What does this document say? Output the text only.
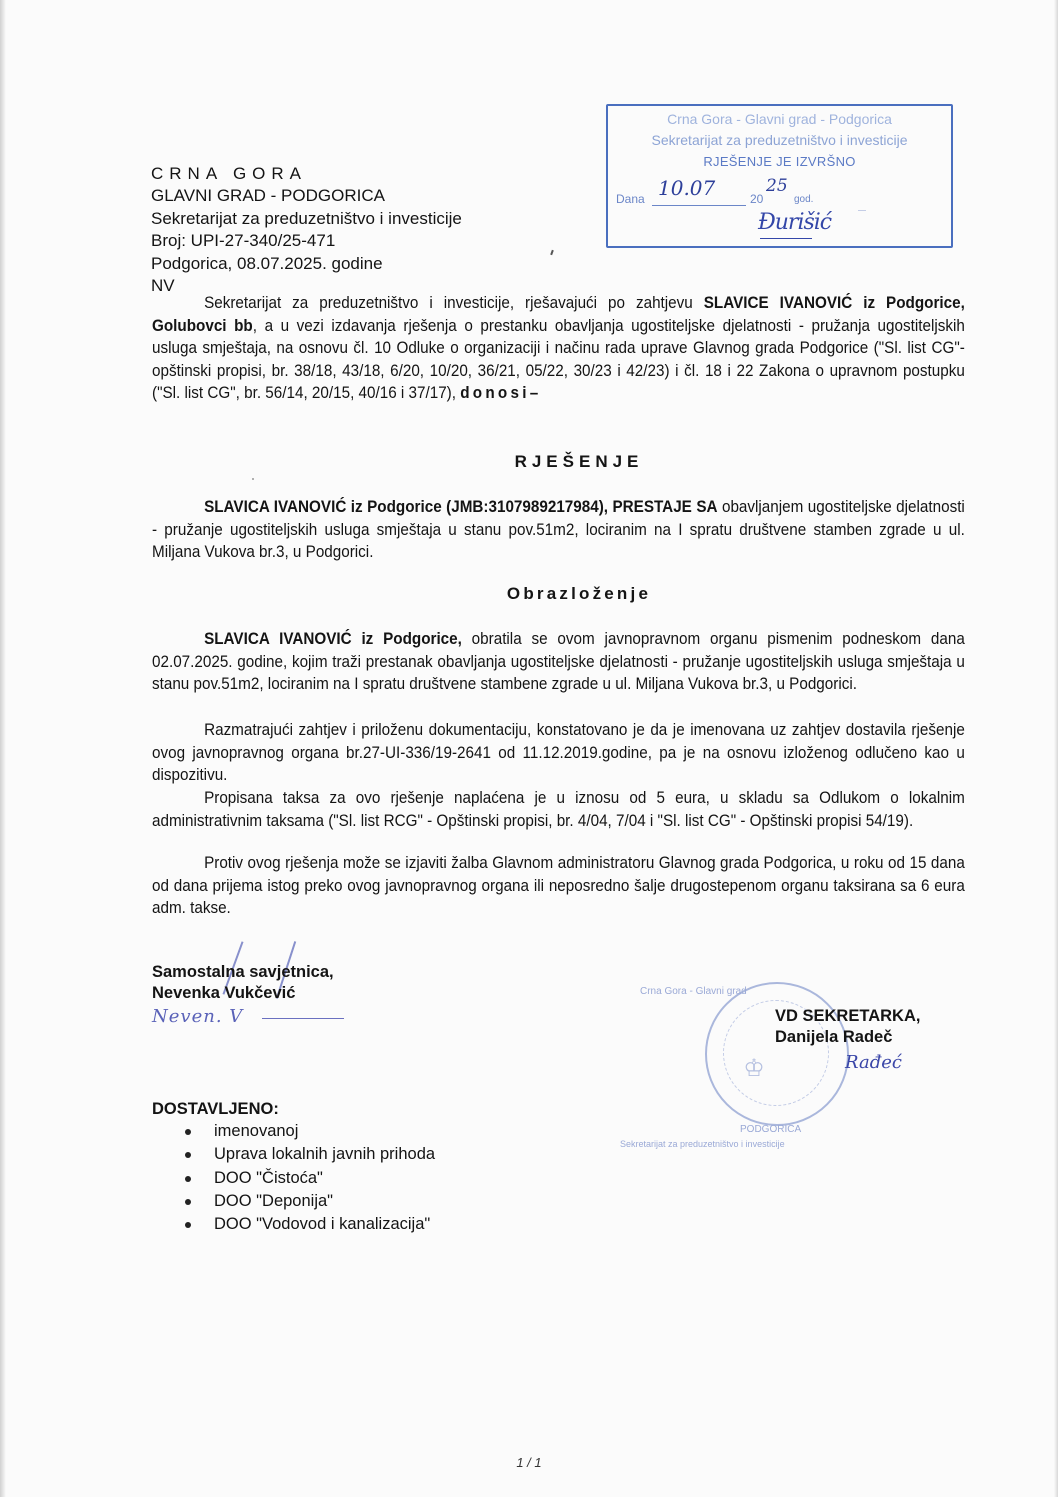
Crna Gora - Glavni grad - Podgorica
Sekretarijat za preduzetništvo i investicije
RJEŠENJE JE IZVRŠNO
Dana 10.07	20
25
god.
Đurišić
CRNA GORA
GLAVNI GRAD - PODGORICA
Sekretarijat za preduzetništvo i investicije
Broj: UPI-27-340/25-471
Podgorica, 08.07.2025. godine
NV
Sekretarijat za preduzetništvo i investicije, rješavajući po zahtjevu SLAVICE IVANOVIĆ iz Podgorice, Golubovci bb, a u vezi izdavanja rješenja o prestanku obavljanja ugostiteljske djelatnosti - pružanja ugostiteljskih usluga smještaja, na osnovu čl. 10 Odluke o organizaciji i načinu rada uprave Glavnog grada Podgorice ("Sl. list CG"-opštinski propisi, br. 38/18, 43/18, 6/20, 10/20, 36/21, 05/22, 30/23 i 42/23) i čl. 18 i 22 Zakona o upravnom postupku ("Sl. list CG", br. 56/14, 20/15, 40/16 i 37/17), donosi–
RJEŠENJE
SLAVICA IVANOVIĆ iz Podgorice (JMB:3107989217984), PRESTAJE SA obavljanjem ugostiteljske djelatnosti - pružanje ugostiteljskih usluga smještaja u stanu pov.51m2, lociranim na I spratu društvene stamben zgrade u ul. Miljana Vukova br.3, u Podgorici.
Obrazloženje
SLAVICA IVANOVIĆ iz Podgorice, obratila se ovom javnopravnom organu pismenim podneskom dana 02.07.2025. godine, kojim traži prestanak obavljanja ugostiteljske djelatnosti - pružanje ugostiteljskih usluga smještaja u stanu pov.51m2, lociranim na I spratu društvene stambene zgrade u ul. Miljana Vukova br.3, u Podgorici.
Razmatrajući zahtjev i priloženu dokumentaciju, konstatovano je da je imenovana uz zahtjev dostavila rješenje ovog javnopravnog organa br.27-UI-336/19-2641 od 11.12.2019.godine, pa je na osnovu izloženog odlučeno kao u dispozitivu.
Propisana taksa za ovo rješenje naplaćena je u iznosu od 5 eura, u skladu sa Odlukom o lokalnim administrativnim taksama ("Sl. list RCG" - Opštinski propisi, br. 4/04, 7/04 i "Sl. list CG" - Opštinski propisi 54/19).
Protiv ovog rješenja može se izjaviti žalba Glavnom administratoru Glavnog grada Podgorica, u roku od 15 dana od dana prijema istog preko ovog javnopravnog organa ili neposredno šalje drugostepenom organu taksirana sa 6 eura adm. takse.
Samostalna savjetnica,
Nevenka Vukčević
Neven. V
♔
Crna Gora - Glavni grad
PODGORICA
Sekretarijat za preduzetništvo i investicije
VD SEKRETARKA,
Danijela Radeč
Rađeć
DOSTAVLJENO:
imenovanoj
Uprava lokalnih javnih prihoda
DOO "Čistoća"
DOO "Deponija"
DOO "Vodovod i kanalizacija"
1 / 1
